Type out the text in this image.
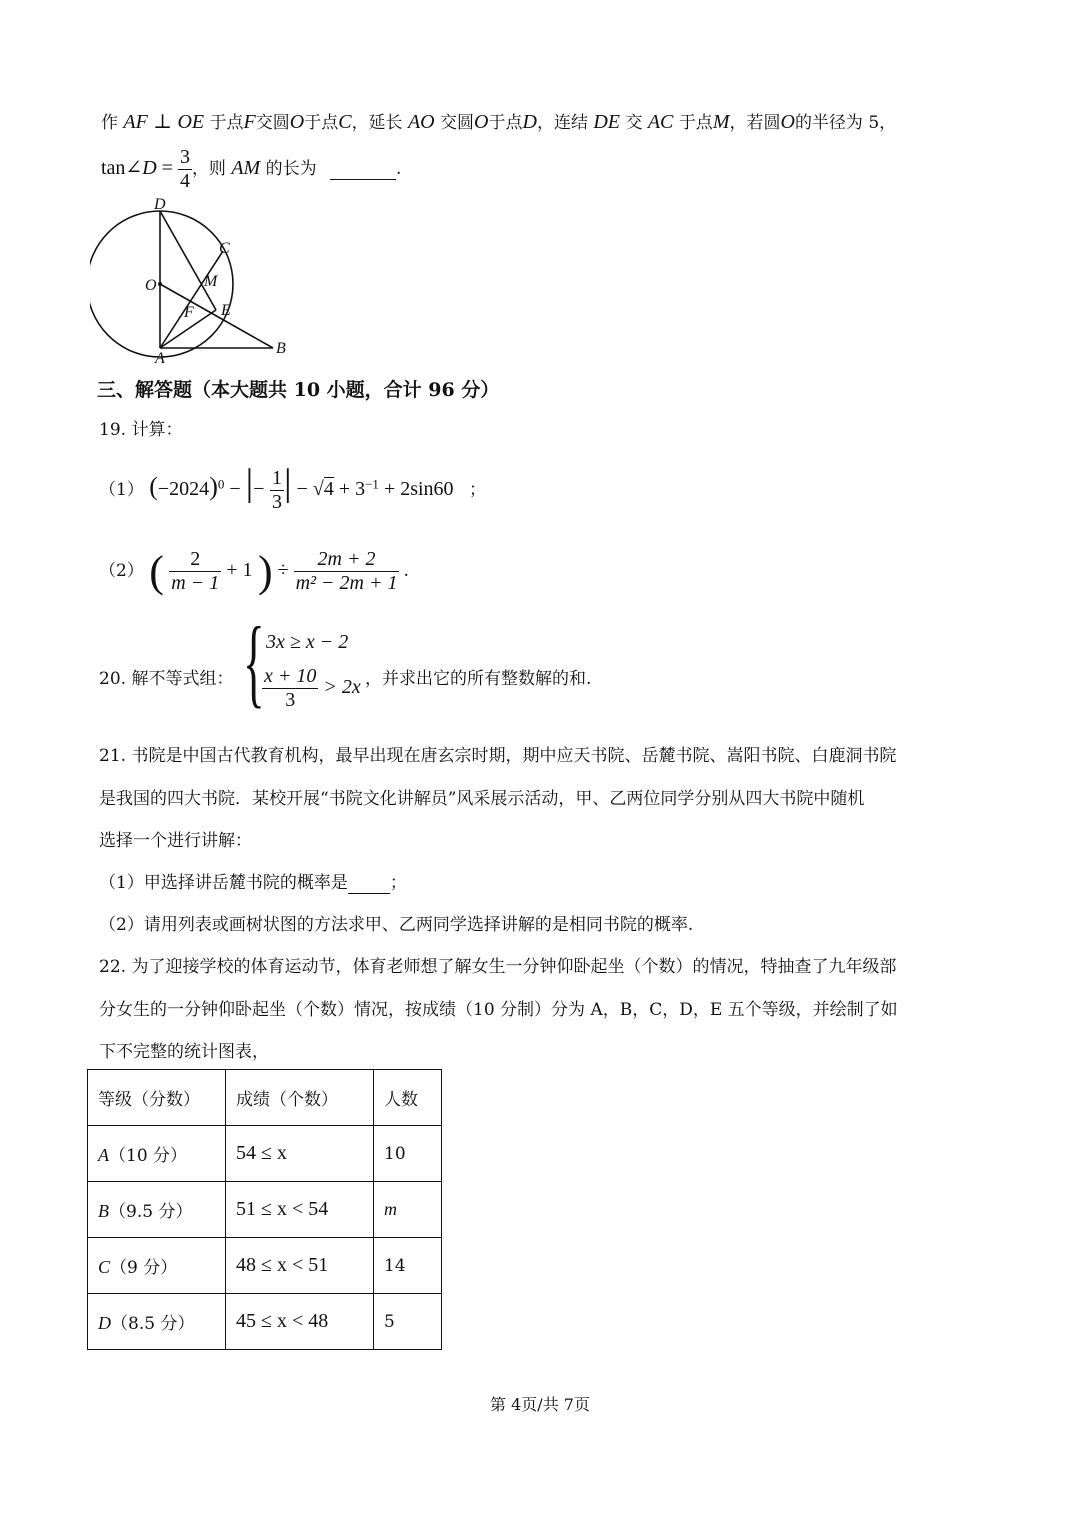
作 AF ⊥ OE 于点F交圆O于点C，延长 AO 交圆O于点D，连结 DE 交 AC 于点M，若圆O的半径为 5，
tan∠D = $\frac{3}{4}$ ，则 AM 的长为	.
D
C
O	M
F E
A
B
三、解答题（本大题共 10 小题，合计 96 分）
19. 计算：
（1） $(-2024)^0$ − |− $\frac{1}{3}$ | − $√4 + 3^{-1} + 2\sin 60$ ；
（2） ( $\frac{2}{m - 1} + 1$ ) ÷ $\frac{2m + 2}{\text{m² − 2m + 1}}$ .
20. 解不等式组： { 3x ≥ x − 2
$\frac{x + 10}{3} > 2x$ ，并求出它的所有整数解的和.
21. 书院是中国古代教育机构，最早出现在唐玄宗时期，期中应天书院、岳麓书院、嵩阳书院、白鹿洞书院
是我国的四大书院．某校开展“书院文化讲解员”风采展示活动，甲、乙两位同学分别从四大书院中随机
选择一个进行讲解：
（1）甲选择讲岳麓书院的概率是 ；
（2）请用列表或画树状图的方法求甲、乙两同学选择讲解的是相同书院的概率.
22. 为了迎接学校的体育运动节，体育老师想了解女生一分钟仰卧起坐（个数）的情况，特抽查了九年级部
分女生的一分钟仰卧起坐（个数）情况，按成绩（10 分制）分为 A，B，C，D，E 五个等级，并绘制了如
下不完整的统计图表，
等级（分数）	成绩（个数）	人数
A（10 分）	54 ≤ x	10
B（9.5 分）	51 ≤ x < 54	m
C（9 分）	48 ≤ x < 51	14
D（8.5 分）	45 ≤ x < 48	5
第 4页/共 7页
